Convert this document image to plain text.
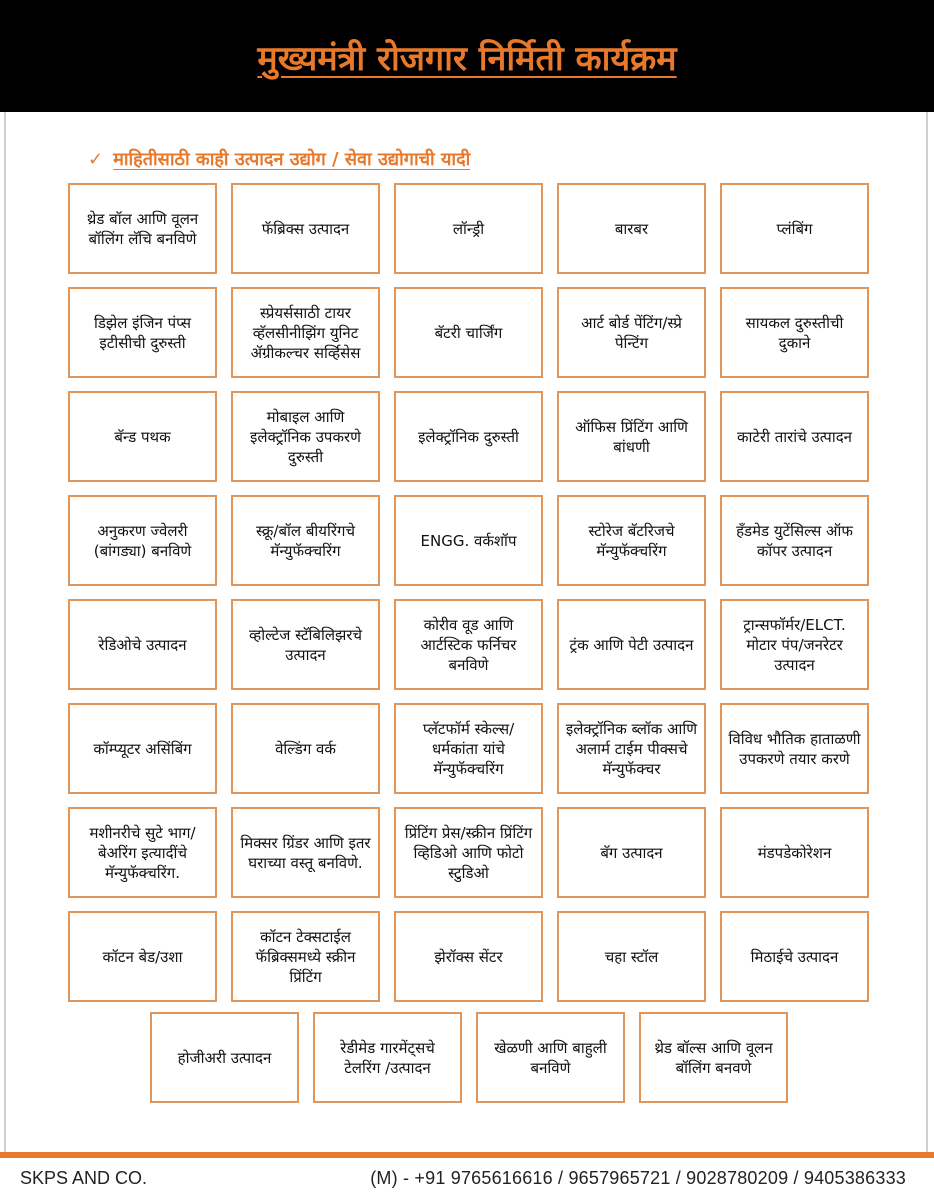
मुख्यमंत्री रोजगार निर्मिती कार्यक्रम
✓ माहितीसाठी काही उत्पादन उद्योग / सेवा उद्योगाची यादी
थ्रेड बॉल आणि वूलन बॉलिंग लॅचि बनविणे
फॅब्रिक्स उत्पादन	लॉन्ड्री	बारबर	प्लंबिंग
डिझेल इंजिन पंप्स इटीसीची दुरुस्ती
स्प्रेयर्ससाठी टायर व्हॅलसीनीझिंग युनिट ॲग्रीकल्चर सर्व्हिसेस
बॅटरी चार्जिंग
आर्ट बोर्ड पेंटिंग/स्प्रे पेन्टिंग
सायकल दुरुस्तीची दुकाने
बॅन्ड पथक
मोबाइल आणि इलेक्ट्रॉनिक उपकरणे दुरुस्ती
इलेक्ट्रॉनिक दुरुस्ती
ऑफिस प्रिंटिंग आणि बांधणी
काटेरी तारांचे उत्पादन
अनुकरण ज्वेलरी (बांगड्या) बनविणे
स्क्रू/बॉल बीयरिंगचे मॅन्युफॅक्चरिंग
ENGG. वर्कशॉप
स्टोरेज बॅटरिजचे मॅन्युफॅक्चरिंग
हॅंडमेड युटेंसिल्स ऑफ कॉपर उत्पादन
रेडिओचे उत्पादन
व्होल्टेज स्टॅबिलिझरचे उत्पादन
कोरीव वूड आणि आर्टस्टिक फर्निचर बनविणे
ट्रंक आणि पेटी उत्पादन
ट्रान्सफॉर्मर/ELCT. मोटार पंप/जनरेटर उत्पादन
कॉम्प्यूटर असिंबिंग	वेल्डिंग वर्क
प्लॅटफॉर्म स्केल्स/धर्मकांता यांचे मॅन्युफॅक्चरिंग
इलेक्ट्रॉनिक ब्लॉक आणि अलार्म टाईम पीक्सचे मॅन्युफॅक्चर
विविध भौतिक हाताळणी उपकरणे तयार करणे
मशीनरीचे सुटे भाग/बेअरिंग इत्यादींचे मॅन्युफॅक्चरिंग.
मिक्सर ग्रिंडर आणि इतर घराच्या वस्तू बनविणे.
प्रिंटिंग प्रेस/स्क्रीन प्रिंटिंग व्हिडिओ आणि फोटो स्टुडिओ
बॅग उत्पादन	मंडपडेकोरेशन
कॉटन बेड/उशा
कॉटन टेक्सटाईल फॅब्रिक्समध्ये स्क्रीन प्रिंटिंग
झेरॉक्स सेंटर	चहा स्टॉल	मिठाईचे उत्पादन
होजीअरी उत्पादन
रेडीमेड गारमेंट्सचे टेलरिंग /उत्पादन
खेळणी आणि बाहुली बनविणे
थ्रेड बॉल्स आणि वूलन बॉलिंग बनवणे
SKPS AND CO.	(M) - +91 9765616616 / 9657965721 / 9028780209 / 9405386333
